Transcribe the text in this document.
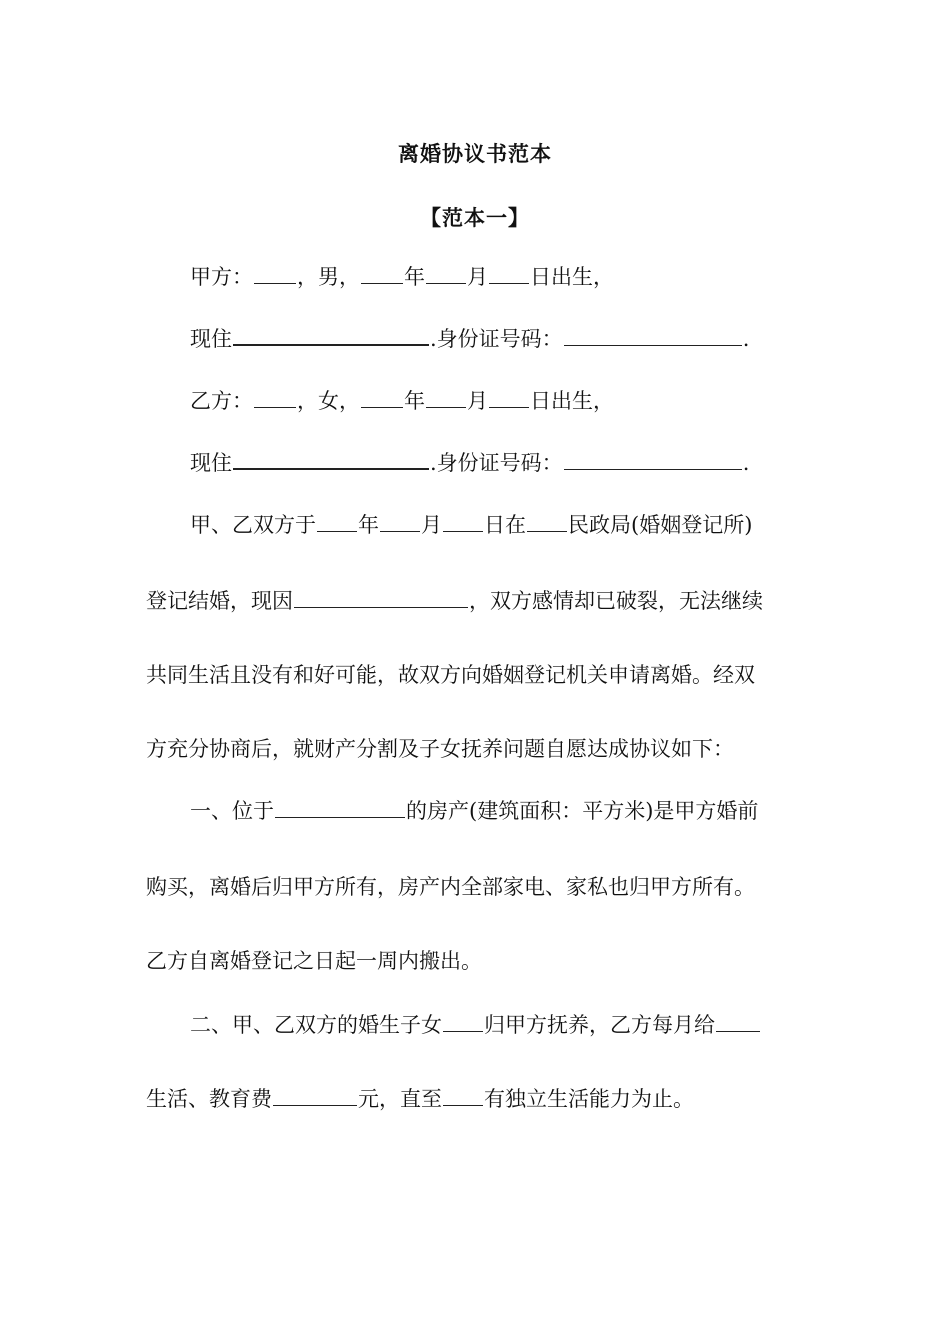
离婚协议书范本
【范本一】
甲方： ，男， 年 月 日出生，
现住	.身份证号码：	.
乙方： ，女， 年 月 日出生，
现住	.身份证号码：	.
甲、乙双方于 年 月 日在 民政局(婚姻登记所)
登记结婚，现因	，双方感情却已破裂，无法继续
共同生活且没有和好可能，故双方向婚姻登记机关申请离婚。经双
方充分协商后，就财产分割及子女抚养问题自愿达成协议如下：
一、位于	的房产(建筑面积：平方米)是甲方婚前
购买，离婚后归甲方所有，房产内全部家电、家私也归甲方所有。
乙方自离婚登记之日起一周内搬出。
二、甲、乙双方的婚生子女 归甲方抚养，乙方每月给
生活、教育费	元，直至 有独立生活能力为止。
